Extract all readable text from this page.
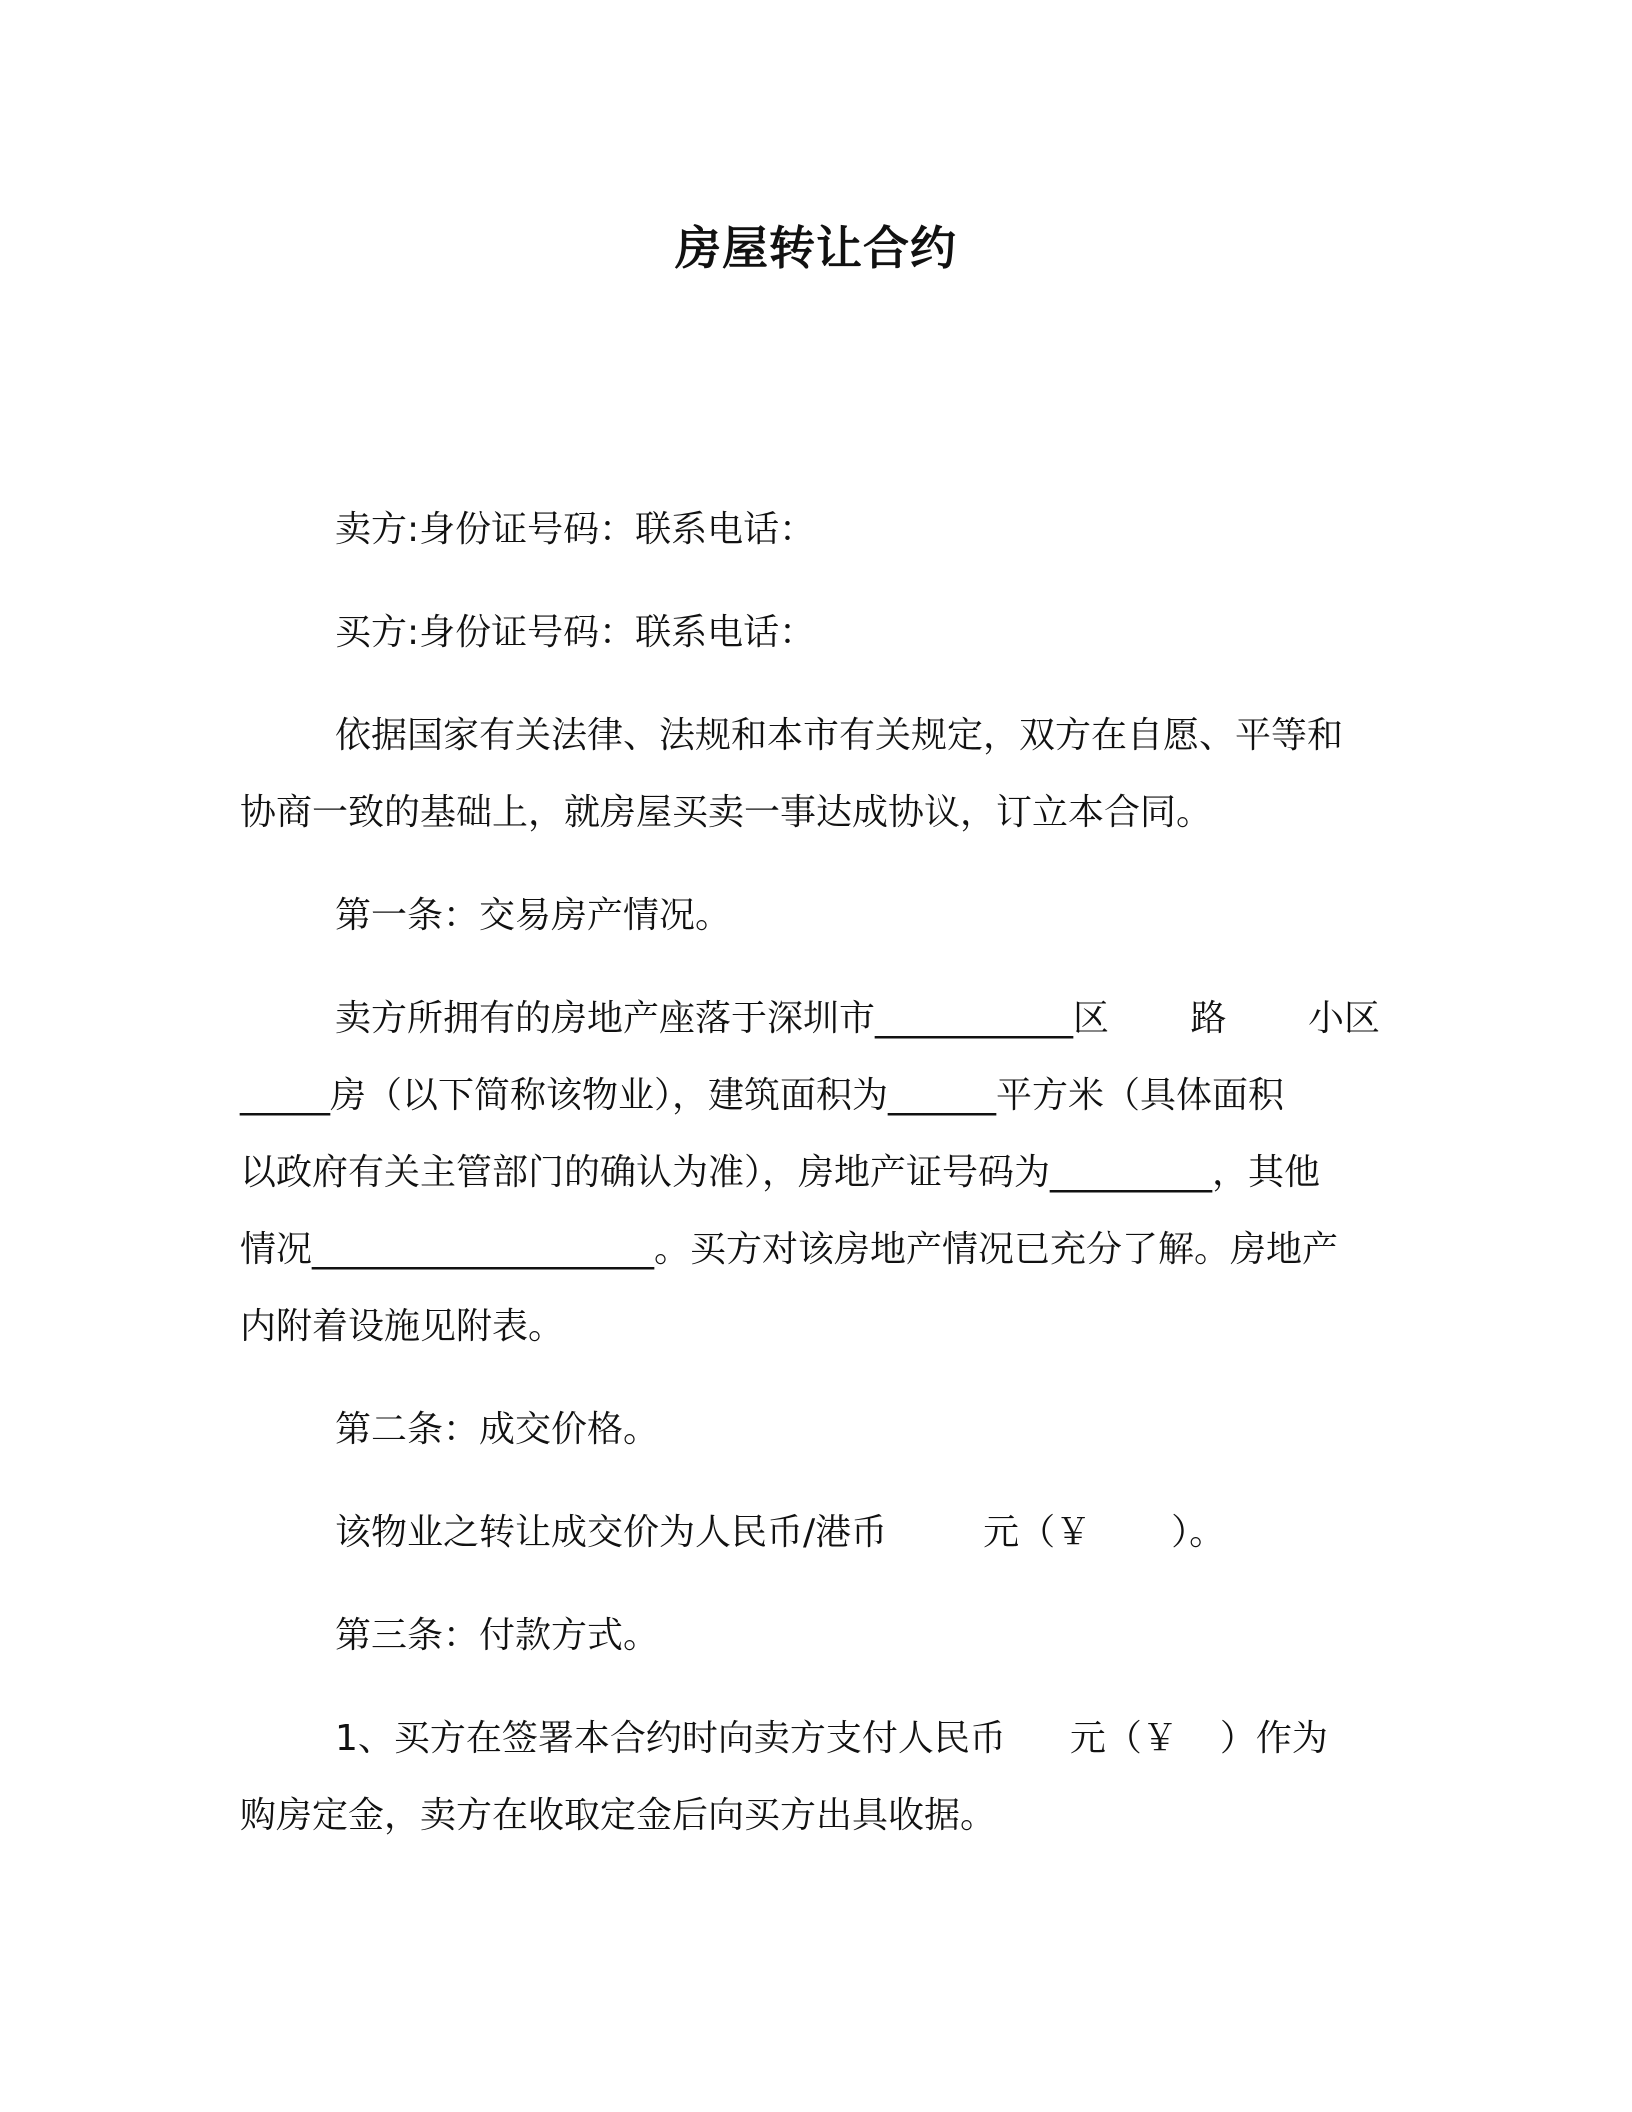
房屋转让合约
卖方:身份证号码：联系电话：
买方:身份证号码：联系电话：
依据国家有关法律、法规和本市有关规定，双方在自愿、平等和
协商一致的基础上，就房屋买卖一事达成协议，订立本合同。
第一条：交易房产情况。
卖方所拥有的房地产座落于深圳市___________区 路 小区
_____房（以下简称该物业），建筑面积为______平方米（具体面积
以政府有关主管部门的确认为准），房地产证号码为_________，其他
情况___________________。买方对该房地产情况已充分了解。房地产
内附着设施见附表。
第二条：成交价格。
该物业之转让成交价为人民币/港币	元（￥ ）。
第三条：付款方式。
1、买方在签署本合约时向卖方支付人民币 元（￥ ）作为
购房定金，卖方在收取定金后向买方出具收据。
